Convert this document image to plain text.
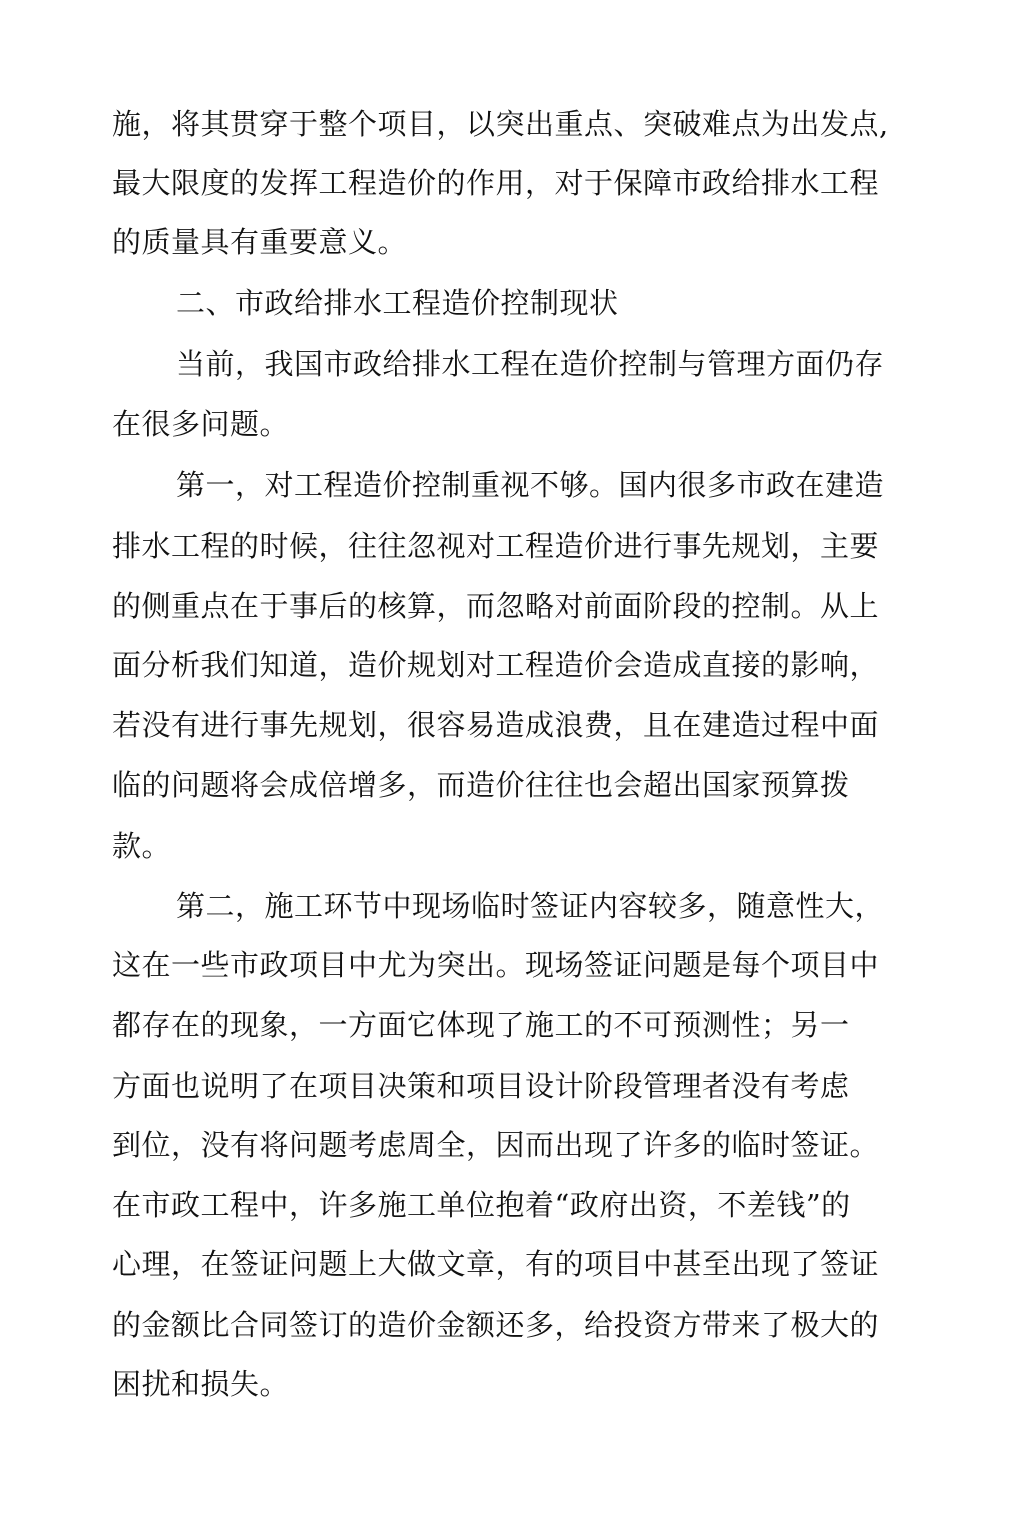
施，将其贯穿于整个项目，以突出重点、突破难点为出发点,
最大限度的发挥工程造价的作用，对于保障市政给排水工程
的质量具有重要意义。
二、市政给排水工程造价控制现状
当前，我国市政给排水工程在造价控制与管理方面仍存
在很多问题。
第一，对工程造价控制重视不够。国内很多市政在建造
排水工程的时候，往往忽视对工程造价进行事先规划，主要
的侧重点在于事后的核算，而忽略对前面阶段的控制。从上
面分析我们知道，造价规划对工程造价会造成直接的影响，
若没有进行事先规划，很容易造成浪费，且在建造过程中面
临的问题将会成倍增多，而造价往往也会超出国家预算拨
款。
第二，施工环节中现场临时签证内容较多，随意性大，
这在一些市政项目中尤为突出。现场签证问题是每个项目中
都存在的现象，一方面它体现了施工的不可预测性；另一
方面也说明了在项目决策和项目设计阶段管理者没有考虑
到位，没有将问题考虑周全，因而出现了许多的临时签证。
在市政工程中，许多施工单位抱着“政府出资，不差钱”的
心理，在签证问题上大做文章，有的项目中甚至出现了签证
的金额比合同签订的造价金额还多，给投资方带来了极大的
困扰和损失。
